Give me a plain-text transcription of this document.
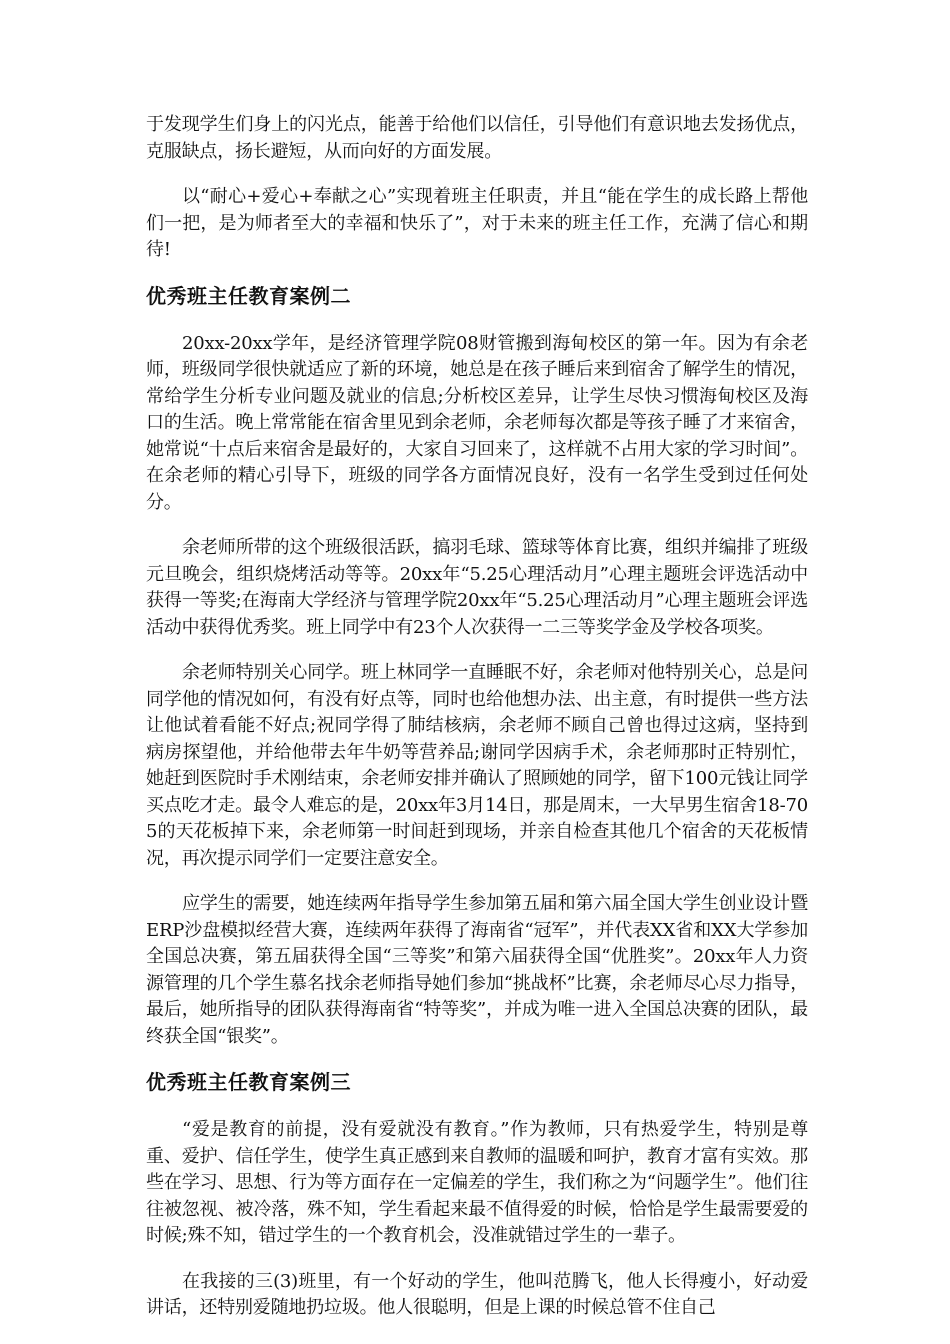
于发现学生们身上的闪光点，能善于给他们以信任，引导他们有意识地去发扬优点，克服缺点，扬长避短，从而向好的方面发展。

以“耐心+爱心+奉献之心”实现着班主任职责，并且“能在学生的成长路上帮他们一把，是为师者至大的幸福和快乐了”，对于未来的班主任工作，充满了信心和期待!

优秀班主任教育案例二

20xx-20xx学年，是经济管理学院08财管搬到海甸校区的第一年。因为有余老师，班级同学很快就适应了新的环境，她总是在孩子睡后来到宿舍了解学生的情况，常给学生分析专业问题及就业的信息;分析校区差异，让学生尽快习惯海甸校区及海口的生活。晚上常常能在宿舍里见到余老师，余老师每次都是等孩子睡了才来宿舍，她常说“十点后来宿舍是最好的，大家自习回来了，这样就不占用大家的学习时间”。在余老师的精心引导下，班级的同学各方面情况良好，没有一名学生受到过任何处分。

余老师所带的这个班级很活跃，搞羽毛球、篮球等体育比赛，组织并编排了班级元旦晚会，组织烧烤活动等等。20xx年“5.25心理活动月”心理主题班会评选活动中获得一等奖;在海南大学经济与管理学院20xx年“5.25心理活动月”心理主题班会评选活动中获得优秀奖。班上同学中有23个人次获得一二三等奖学金及学校各项奖。

余老师特别关心同学。班上林同学一直睡眠不好，余老师对他特别关心，总是问同学他的情况如何，有没有好点等，同时也给他想办法、出主意，有时提供一些方法让他试着看能不好点;祝同学得了肺结核病，余老师不顾自己曾也得过这病，坚持到病房探望他，并给他带去年牛奶等营养品;谢同学因病手术，余老师那时正特别忙，她赶到医院时手术刚结束，余老师安排并确认了照顾她的同学，留下100元钱让同学买点吃才走。最令人难忘的是，20xx年3月14日，那是周末，一大早男生宿舍18-705的天花板掉下来，余老师第一时间赶到现场，并亲自检查其他几个宿舍的天花板情况，再次提示同学们一定要注意安全。

应学生的需要，她连续两年指导学生参加第五届和第六届全国大学生创业设计暨ERP沙盘模拟经营大赛，连续两年获得了海南省“冠军”，并代表XX省和XX大学参加全国总决赛，第五届获得全国“三等奖”和第六届获得全国“优胜奖”。20xx年人力资源管理的几个学生慕名找余老师指导她们参加“挑战杯”比赛，余老师尽心尽力指导，最后，她所指导的团队获得海南省“特等奖”，并成为唯一进入全国总决赛的团队，最终获全国“银奖”。

优秀班主任教育案例三

“爱是教育的前提，没有爱就没有教育。”作为教师，只有热爱学生，特别是尊重、爱护、信任学生，使学生真正感到来自教师的温暖和呵护，教育才富有实效。那些在学习、思想、行为等方面存在一定偏差的学生，我们称之为“问题学生”。他们往往被忽视、被冷落，殊不知，学生看起来最不值得爱的时候，恰恰是学生最需要爱的时候;殊不知，错过学生的一个教育机会，没准就错过学生的一辈子。

在我接的三(3)班里，有一个好动的学生，他叫范腾飞，他人长得瘦小，好动爱讲话，还特别爱随地扔垃圾。他人很聪明，但是上课的时候总管不住自己
